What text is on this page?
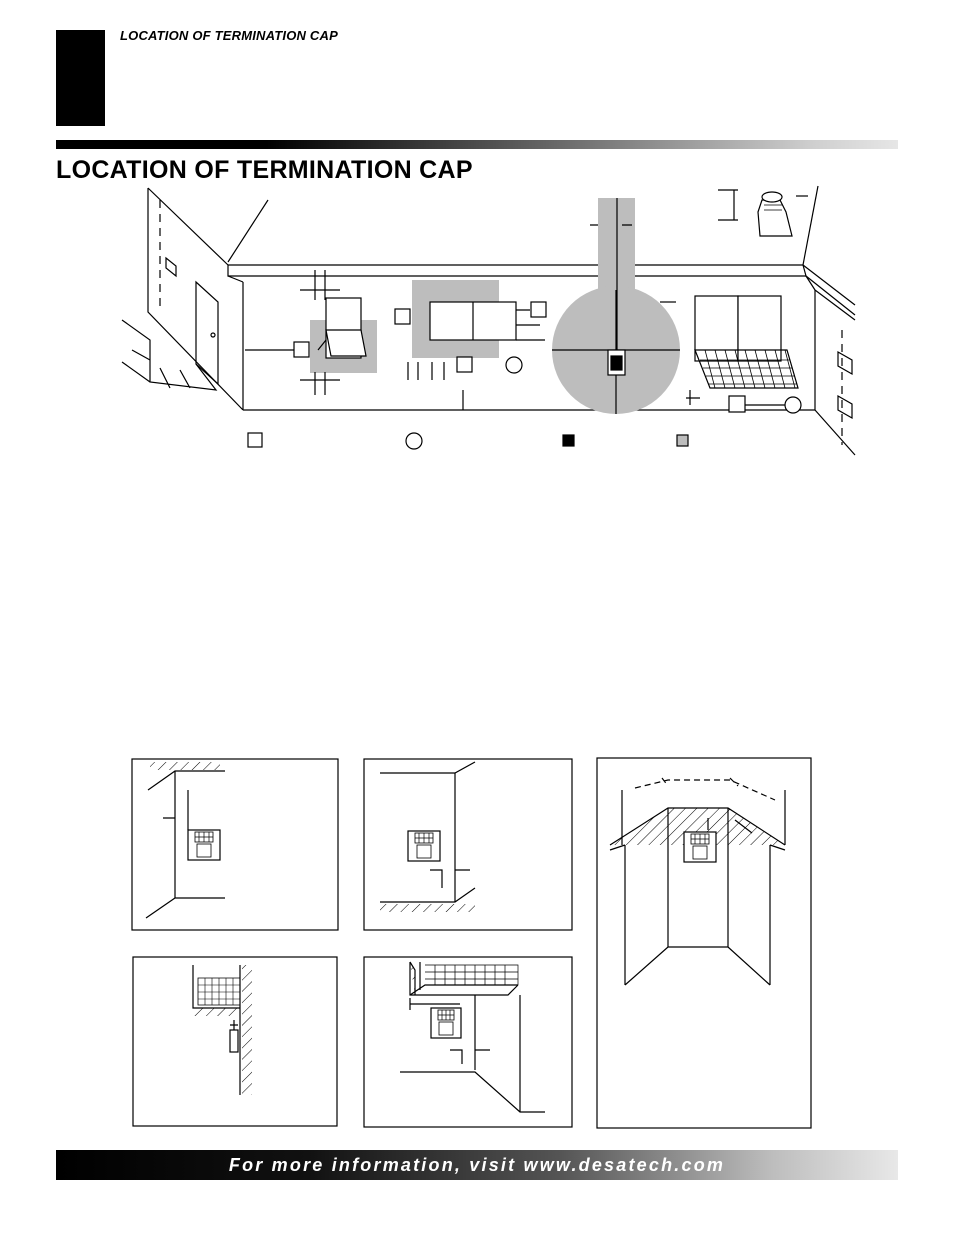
LOCATION OF TERMINATION CAP
LOCATION OF TERMINATION CAP
For more information, visit www.desatech.com
